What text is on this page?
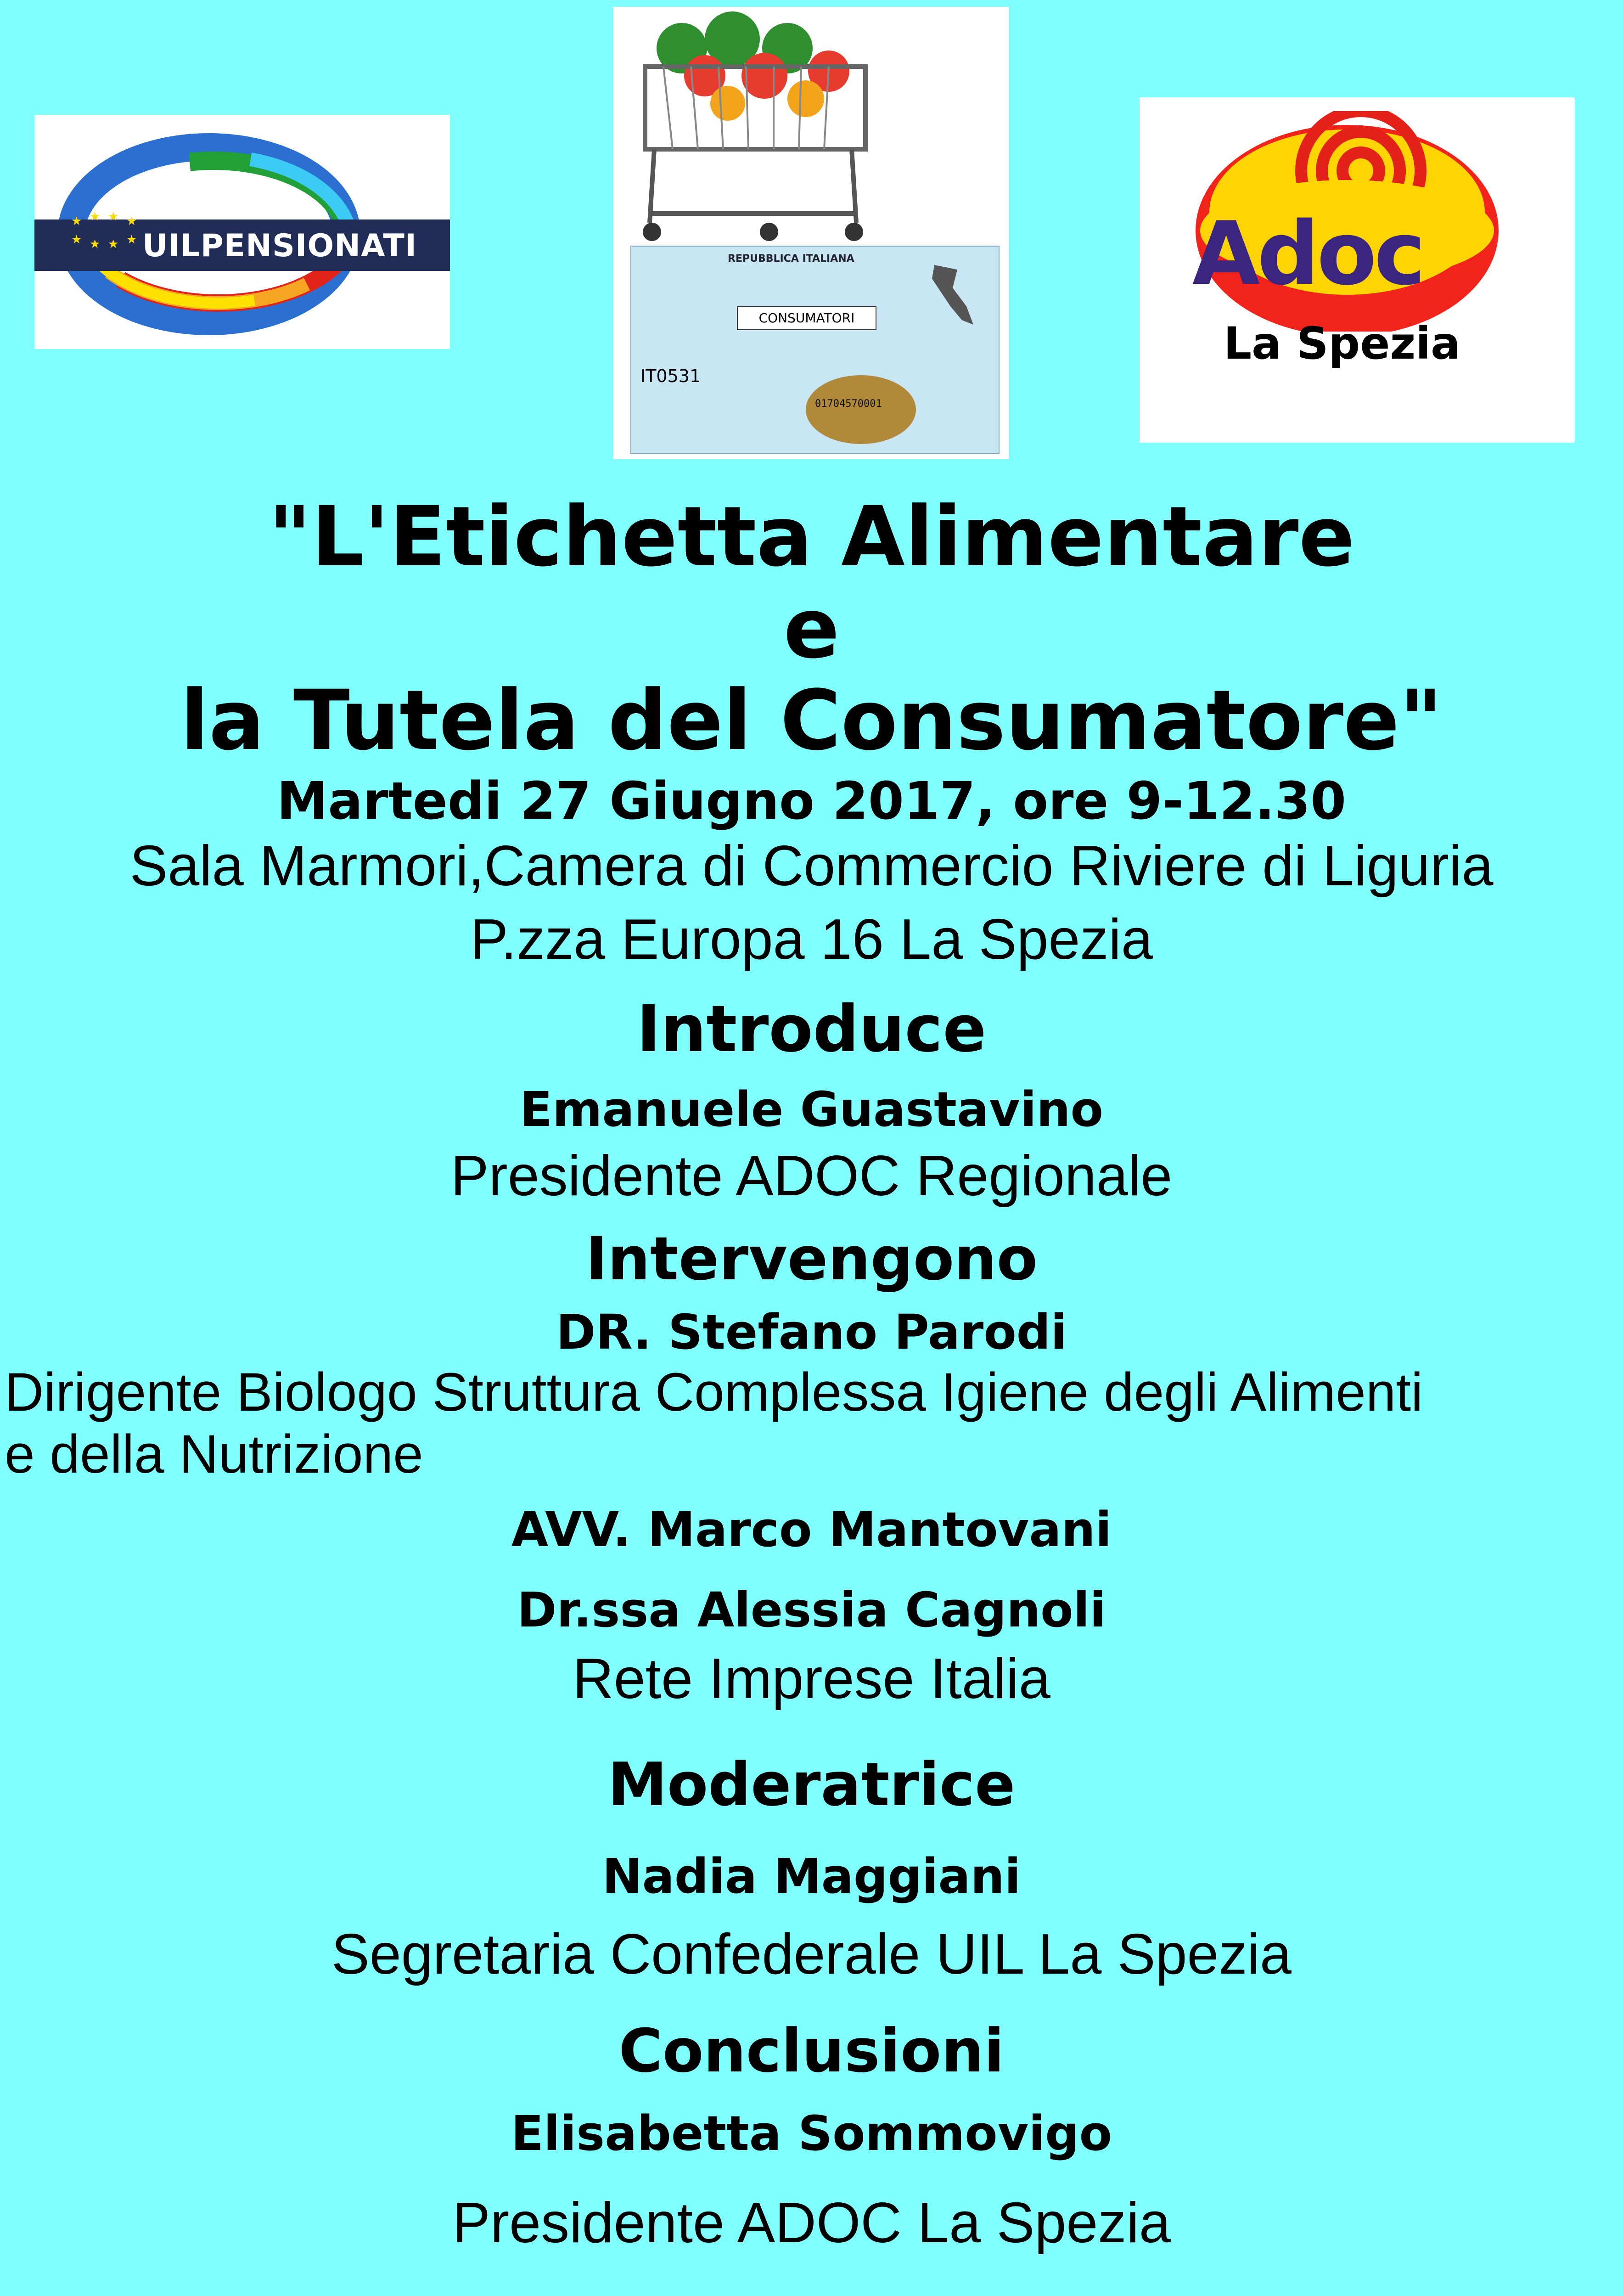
★ ★ ★ ★
★ ★ ★ ★ UILPENSIONATI	REPUBBLICA ITALIANA
CONSUMATORI
IT0531
01704570001
Adoc
La Spezia
"L'Etichetta Alimentare
e
la Tutela del Consumatore"
Martedi 27 Giugno 2017, ore 9-12.30
Sala Marmori,Camera di Commercio Riviere di Liguria
P.zza Europa 16 La Spezia
Introduce
Emanuele Guastavino
Presidente ADOC Regionale
Intervengono
DR. Stefano Parodi
Dirigente Biologo Struttura Complessa Igiene degli Alimenti
e della Nutrizione
AVV. Marco Mantovani
Dr.ssa Alessia Cagnoli
Rete Imprese Italia
Moderatrice
Nadia Maggiani
Segretaria Confederale UIL La Spezia
Conclusioni
Elisabetta Sommovigo
Presidente ADOC La Spezia
